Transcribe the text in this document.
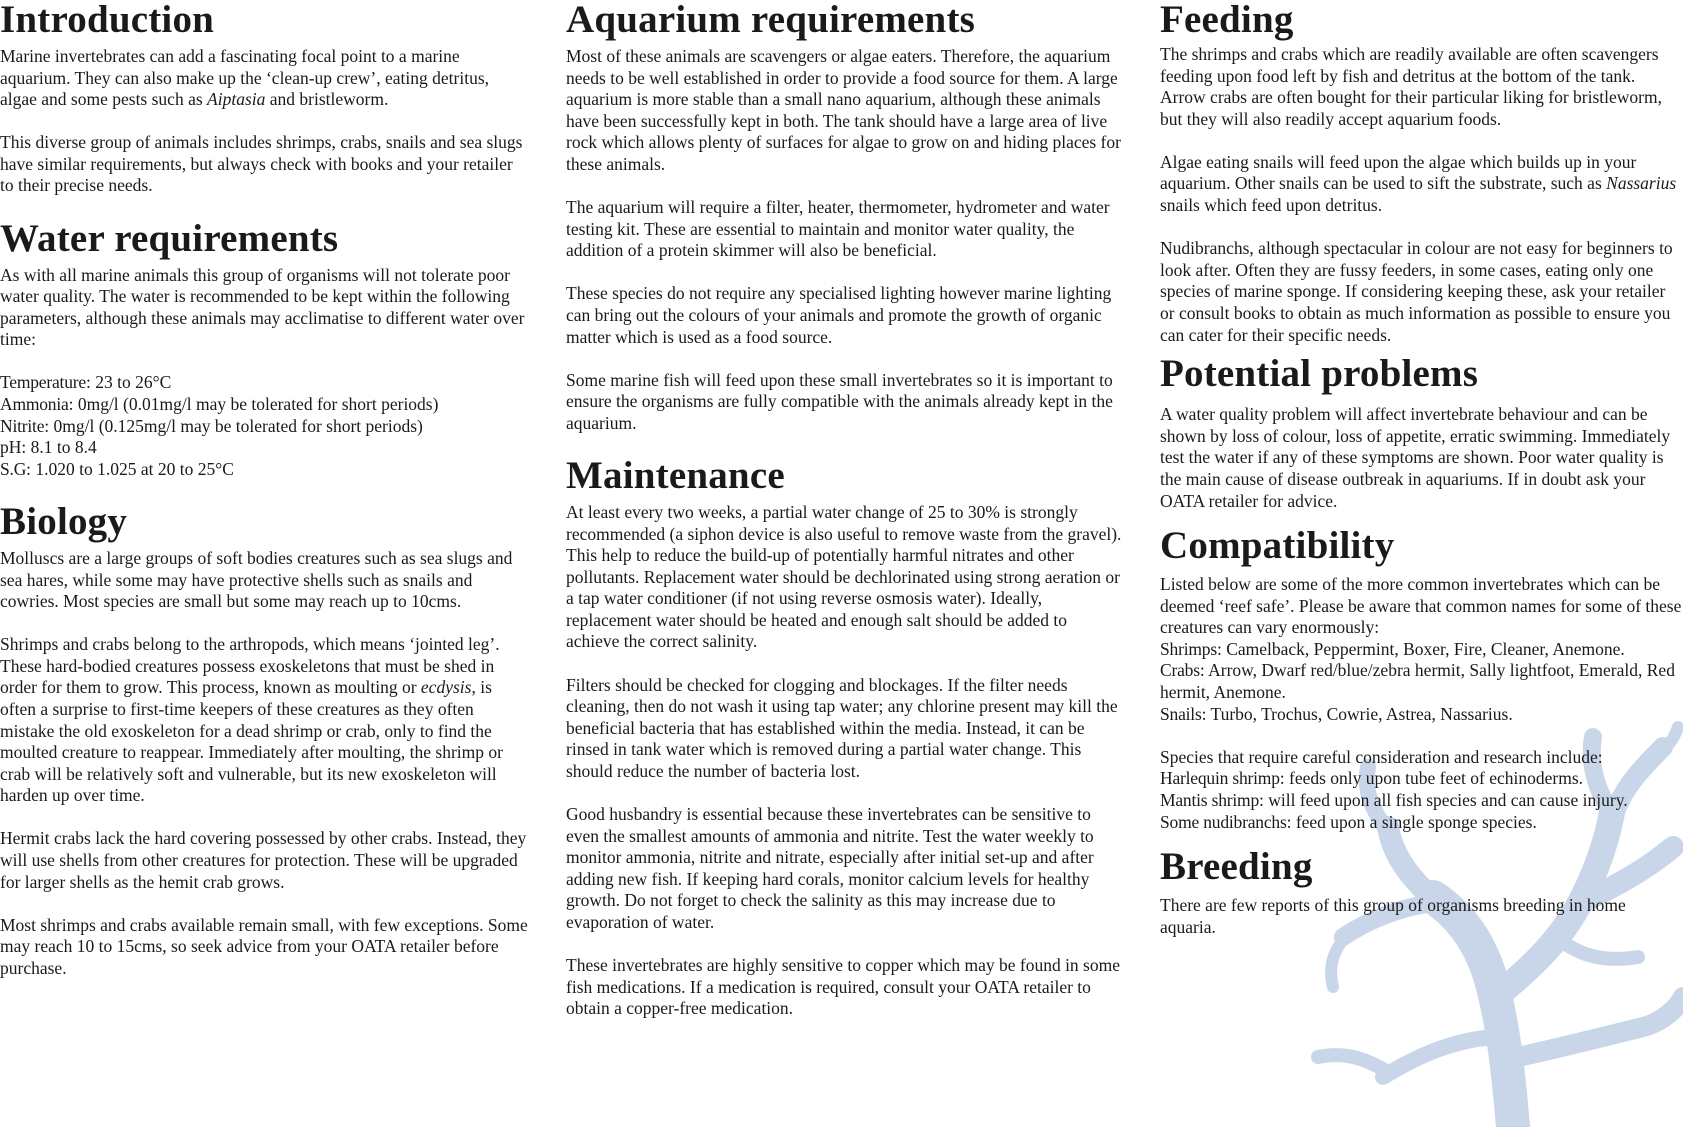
Introduction

Marine invertebrates can add a fascinating focal point to a marine aquarium. They can also make up the ‘clean-up crew’, eating detritus, algae and some pests such as Aiptasia and bristleworm.

This diverse group of animals includes shrimps, crabs, snails and sea slugs have similar requirements, but always check with books and your retailer to their precise needs.

Water requirements

As with all marine animals this group of organisms will not tolerate poor water quality. The water is recommended to be kept within the following parameters, although these animals may acclimatise to different water over time:

Temperature: 23 to 26°C
Ammonia: 0mg/l (0.01mg/l may be tolerated for short periods)
Nitrite: 0mg/l (0.125mg/l may be tolerated for short periods)
pH: 8.1 to 8.4
S.G: 1.020 to 1.025 at 20 to 25°C

Biology

Molluscs are a large groups of soft bodies creatures such as sea slugs and sea hares, while some may have protective shells such as snails and cowries. Most species are small but some may reach up to 10cms.

Shrimps and crabs belong to the arthropods, which means ‘jointed leg’. These hard-bodied creatures possess exoskeletons that must be shed in order for them to grow. This process, known as moulting or ecdysis, is often a surprise to first-time keepers of these creatures as they often mistake the old exoskeleton for a dead shrimp or crab, only to find the moulted creature to reappear. Immediately after moulting, the shrimp or crab will be relatively soft and vulnerable, but its new exoskeleton will harden up over time.

Hermit crabs lack the hard covering possessed by other crabs. Instead, they will use shells from other creatures for protection. These will be upgraded for larger shells as the hemit crab grows.

Most shrimps and crabs available remain small, with few exceptions. Some may reach 10 to 15cms, so seek advice from your OATA retailer before purchase.

Aquarium requirements

Most of these animals are scavengers or algae eaters. Therefore, the aquarium needs to be well established in order to provide a food source for them. A large aquarium is more stable than a small nano aquarium, although these animals have been successfully kept in both. The tank should have a large area of live rock which allows plenty of surfaces for algae to grow on and hiding places for these animals.

The aquarium will require a filter, heater, thermometer, hydrometer and water testing kit. These are essential to maintain and monitor water quality, the addition of a protein skimmer will also be beneficial.

These species do not require any specialised lighting however marine lighting can bring out the colours of your animals and promote the growth of organic matter which is used as a food source.

Some marine fish will feed upon these small invertebrates so it is important to ensure the organisms are fully compatible with the animals already kept in the aquarium.

Maintenance

At least every two weeks, a partial water change of 25 to 30% is strongly recommended (a siphon device is also useful to remove waste from the gravel). This help to reduce the build-up of potentially harmful nitrates and other pollutants. Replacement water should be dechlorinated using strong aeration or a tap water conditioner (if not using reverse osmosis water). Ideally, replacement water should be heated and enough salt should be added to achieve the correct salinity.

Filters should be checked for clogging and blockages. If the filter needs cleaning, then do not wash it using tap water; any chlorine present may kill the beneficial bacteria that has established within the media. Instead, it can be rinsed in tank water which is removed during a partial water change. This should reduce the number of bacteria lost.

Good husbandry is essential because these invertebrates can be sensitive to even the smallest amounts of ammonia and nitrite. Test the water weekly to monitor ammonia, nitrite and nitrate, especially after initial set-up and after adding new fish. If keeping hard corals, monitor calcium levels for healthy growth. Do not forget to check the salinity as this may increase due to evaporation of water.

These invertebrates are highly sensitive to copper which may be found in some fish medications. If a medication is required, consult your OATA retailer to obtain a copper-free medication.

Feeding

The shrimps and crabs which are readily available are often scavengers feeding upon food left by fish and detritus at the bottom of the tank. Arrow crabs are often bought for their particular liking for bristleworm, but they will also readily accept aquarium foods.

Algae eating snails will feed upon the algae which builds up in your aquarium. Other snails can be used to sift the substrate, such as Nassarius snails which feed upon detritus.

Nudibranchs, although spectacular in colour are not easy for beginners to look after. Often they are fussy feeders, in some cases, eating only one species of marine sponge. If considering keeping these, ask your retailer or consult books to obtain as much information as possible to ensure you can cater for their specific needs.

Potential problems

A water quality problem will affect invertebrate behaviour and can be shown by loss of colour, loss of appetite, erratic swimming. Immediately test the water if any of these symptoms are shown. Poor water quality is the main cause of disease outbreak in aquariums. If in doubt ask your OATA retailer for advice.

Compatibility

Listed below are some of the more common invertebrates which can be deemed ‘reef safe’. Please be aware that common names for some of these creatures can vary enormously:

Shrimps: Camelback, Peppermint, Boxer, Fire, Cleaner, Anemone.
Crabs: Arrow, Dwarf red/blue/zebra hermit, Sally lightfoot, Emerald, Red hermit, Anemone.
Snails: Turbo, Trochus, Cowrie, Astrea, Nassarius.

Species that require careful consideration and research include:

Harlequin shrimp: feeds only upon tube feet of echinoderms.
Mantis shrimp: will feed upon all fish species and can cause injury.
Some nudibranchs: feed upon a single sponge species.

Breeding

There are few reports of this group of organisms breeding in home aquaria.
